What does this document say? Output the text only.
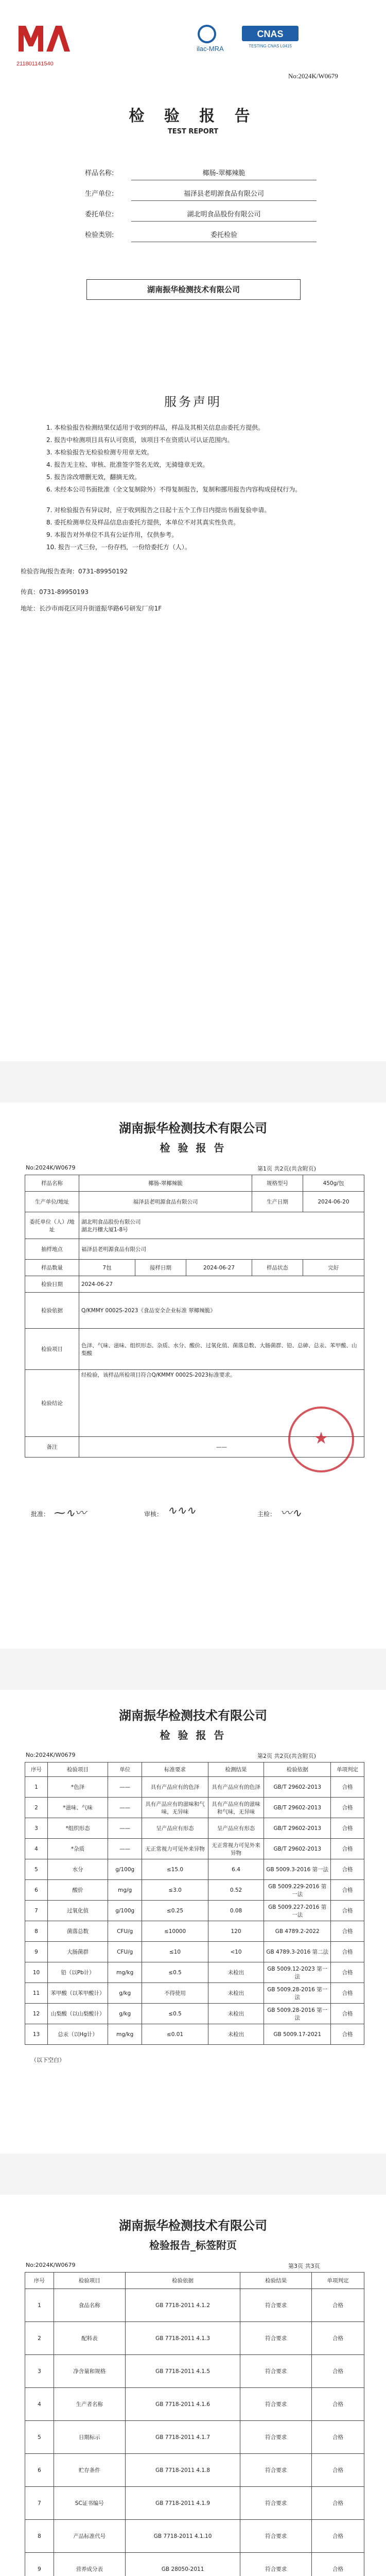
211801141540
ilac-MRA
CNAS
TESTING CNAS L0415
No:2024K/W0679
检 验 报 告
TEST REPORT
样品名称:	椰肠-翠椰辣脆
生产单位:	福泽县老明源食品有限公司
委托单位:	湖北明食品股份有限公司
检验类别:	委托检验
湖南振华检测技术有限公司
服务声明
1. 本检验报告检测结果仅适用于收到的样品，样品及其相关信息由委托方提供。
2. 报告中检测项目具有认可资质，该项目不在资质认可认证范围内。
3. 本检验报告无检验检测专用章无效。
4. 报告无主检、审核、批准签字签名无效，无骑缝章无效。
5. 报告涂改增删无效，翻摘无效。
6. 未经本公司书面批准（全文复制除外）不得复制报告，复制和挪用报告内容构成侵权行为。
7. 对检验报告有异议时，应于收到报告之日起十五个工作日内提出书面复验申请。
8. 委托检测单位及样品信息由委托方提供，本单位不对其真实性负责。
9. 本报告对外单位不具有公证作用，仅供参考。
10. 报告一式三份，一份存档，一份给委托方（人）。
检验咨询/报告查询：0731-89950192
传真：0731-89950193
地址：长沙市雨花区同升街道振华路6号研发厂房1F
湖南振华检测技术有限公司
检 验 报 告
No:2024K/W0679	第1页 共2页(共含附页)
样品名称	椰肠-翠椰辣脆			规格型号	450g/包
生产单位/地址	福泽县老明源食品有限公司			生产日期	2024-06-20
委托单位（人）/地址	湖北明食品股份有限公司
湖北丹穰大厦1-8号				

抽样地点	福泽县老明源食品有限公司				
样品数量	7包	接样日期	2024-06-27	样品状态	完好
检验日期	2024-06-27				
检验依据	Q/KMMY 0002S-2023《食品安全企业标准 翠椰辣脆》				
检验项目	色泽、气味、滋味、组织形态、杂质、水分、酸价、过氧化值、菌落总数、大肠菌群、铅、总砷、总汞、苯甲酸、山梨酸				
检验结论	经检验，该样品所检项目符合Q/KMMY 0002S-2023标准要求。				

备注	——					★
批准： ⁓∿〰	审核： ∿∿∿	主检： 〰∿
湖南振华检测技术有限公司
检 验 报 告
No:2024K/W0679	第2页 共2页(共含附页)
序号	检验项目	单位	标准要求	检测结果	检验依据	单项判定
1	*色泽	——	具有产品应有的色泽	具有产品应有的色泽	GB/T 29602-2013	合格
2	*滋味、气味	——	具有产品应有的滋味和气味，无异味	具有产品应有的滋味和气味，无异味	GB/T 29602-2013	合格
3	*组织形态	——	呈产品应有形态	呈产品应有形态	GB/T 29602-2013	合格
4	*杂质	——	无正常视力可见外来异物	无正常视力可见外来异物	GB/T 29602-2013	合格
5	水分	g/100g	≤15.0	6.4	GB 5009.3-2016 第一法	合格
6	酸价	mg/g	≤3.0	0.52	GB 5009.229-2016 第一法	合格
7	过氧化值	g/100g	≤0.25	0.08	GB 5009.227-2016 第一法	合格
8	菌落总数	CFU/g	≤10000	120	GB 4789.2-2022	合格
9	大肠菌群	CFU/g	≤10	<10	GB 4789.3-2016 第二法	合格
10	铅（以Pb计）	mg/kg	≤0.5	未检出	GB 5009.12-2023 第一法	合格
11	苯甲酸（以苯甲酸计）	g/kg	不得使用	未检出	GB 5009.28-2016 第一法	合格
12	山梨酸（以山梨酸计）	g/kg	≤0.5	未检出	GB 5009.28-2016 第一法	合格
13	总汞（以Hg计）	mg/kg	≤0.01	未检出	GB 5009.17-2021	合格
（以下空白）
湖南振华检测技术有限公司
检验报告_标签附页
No:2024K/W0679	第3页 共3页
序号	检验项目	检验依据	检验结果	单项判定
1	食品名称	GB 7718-2011 4.1.2	符合要求	合格
2	配料表	GB 7718-2011 4.1.3	符合要求	合格
3	净含量和规格	GB 7718-2011 4.1.5	符合要求	合格
4	生产者名称	GB 7718-2011 4.1.6	符合要求	合格
5	日期标示	GB 7718-2011 4.1.7	符合要求	合格
6	贮存条件	GB 7718-2011 4.1.8	符合要求	合格
7	SC证书编号	GB 7718-2011 4.1.9	符合要求	合格
8	产品标准代号	GB 7718-2011 4.1.10	符合要求	合格
9	营养成分表	GB 28050-2011	符合要求	合格
